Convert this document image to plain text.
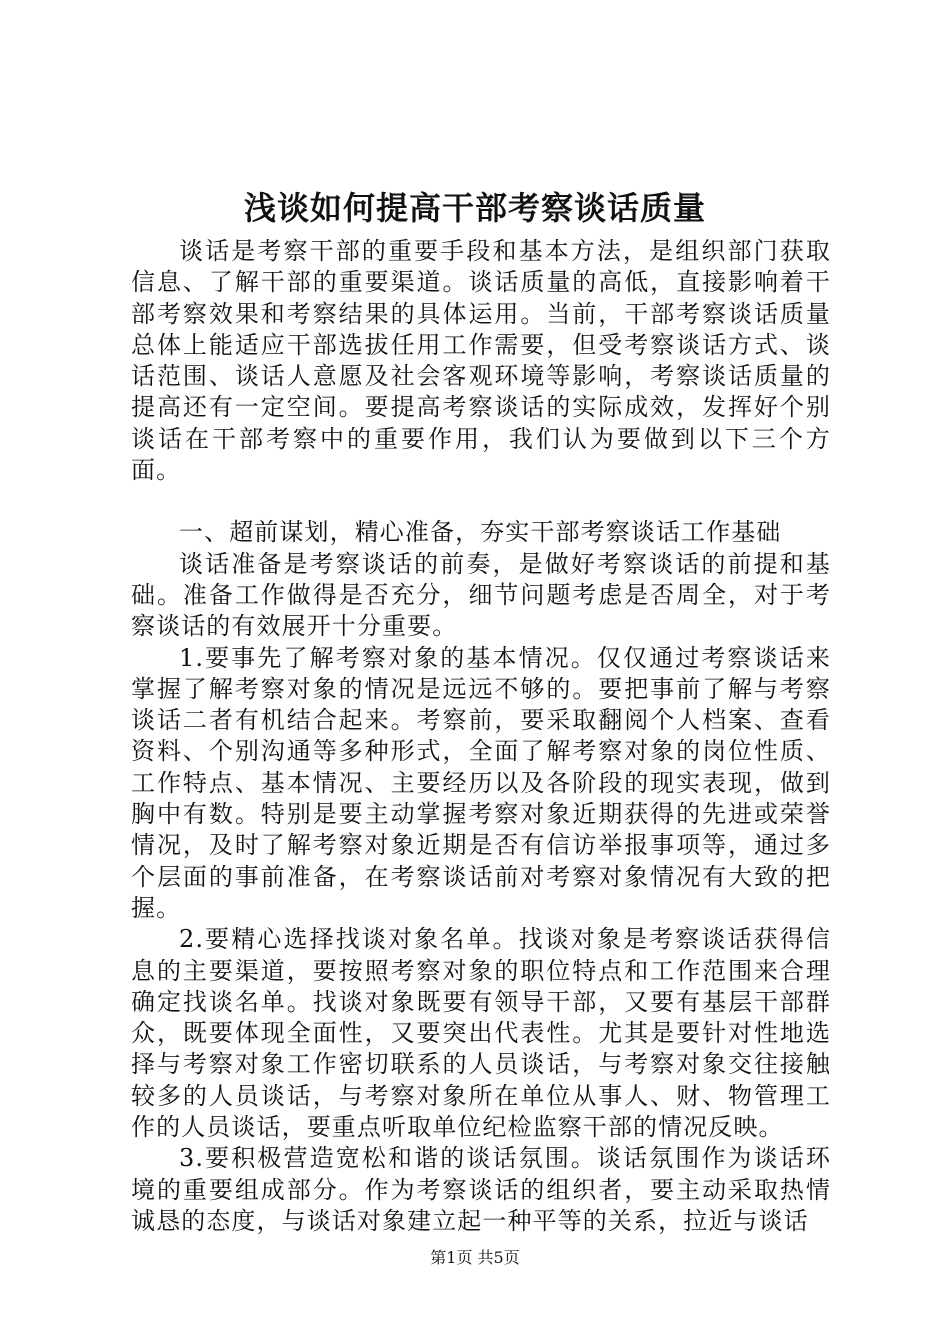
浅谈如何提高干部考察谈话质量

谈话是考察干部的重要手段和基本方法，是组织部门获取信息、了解干部的重要渠道。谈话质量的高低，直接影响着干部考察效果和考察结果的具体运用。当前，干部考察谈话质量总体上能适应干部选拔任用工作需要，但受考察谈话方式、谈话范围、谈话人意愿及社会客观环境等影响，考察谈话质量的提高还有一定空间。要提高考察谈话的实际成效，发挥好个别谈话在干部考察中的重要作用，我们认为要做到以下三个方面。

一、超前谋划，精心准备，夯实干部考察谈话工作基础

谈话准备是考察谈话的前奏，是做好考察谈话的前提和基础。准备工作做得是否充分，细节问题考虑是否周全，对于考察谈话的有效展开十分重要。

1.要事先了解考察对象的基本情况。仅仅通过考察谈话来掌握了解考察对象的情况是远远不够的。要把事前了解与考察谈话二者有机结合起来。考察前，要采取翻阅个人档案、查看资料、个别沟通等多种形式，全面了解考察对象的岗位性质、工作特点、基本情况、主要经历以及各阶段的现实表现，做到胸中有数。特别是要主动掌握考察对象近期获得的先进或荣誉情况，及时了解考察对象近期是否有信访举报事项等，通过多个层面的事前准备，在考察谈话前对考察对象情况有大致的把握。

2.要精心选择找谈对象名单。找谈对象是考察谈话获得信息的主要渠道，要按照考察对象的职位特点和工作范围来合理确定找谈名单。找谈对象既要有领导干部，又要有基层干部群众，既要体现全面性，又要突出代表性。尤其是要针对性地选择与考察对象工作密切联系的人员谈话，与考察对象交往接触较多的人员谈话，与考察对象所在单位从事人、财、物管理工作的人员谈话，要重点听取单位纪检监察干部的情况反映。

3.要积极营造宽松和谐的谈话氛围。谈话氛围作为谈话环境的重要组成部分。作为考察谈话的组织者，要主动采取热情诚恳的态度，与谈话对象建立起一种平等的关系，拉近与谈话

第1页 共5页
